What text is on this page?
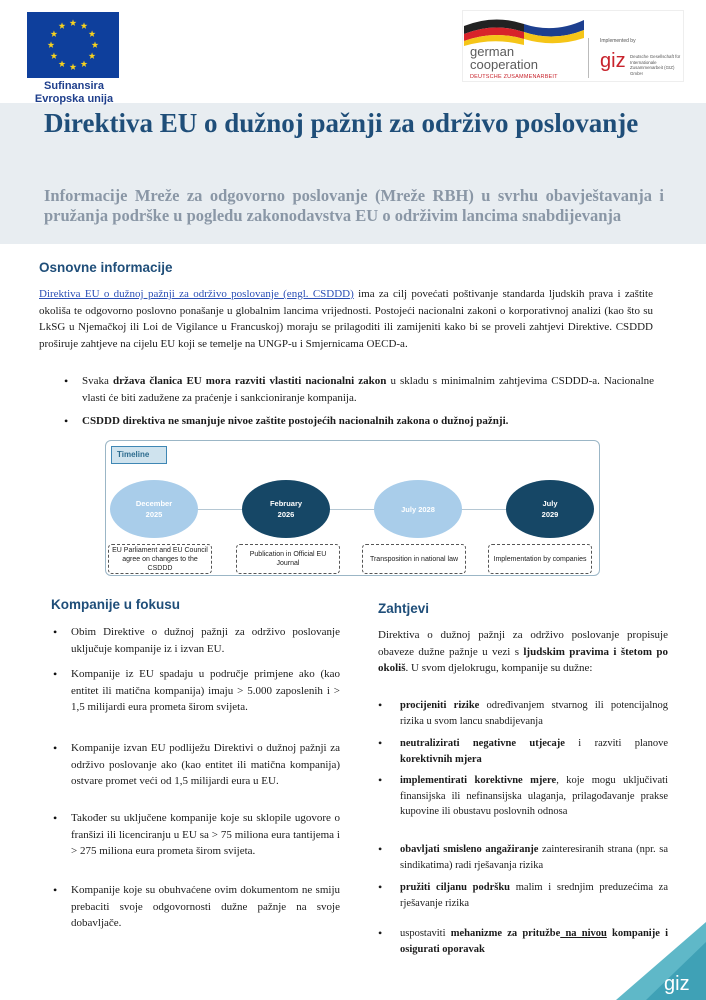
Sufinansira
Evropska unija
german
cooperation
DEUTSCHE ZUSAMMENARBEIT
Implemented by
giz Deutsche Gesellschaft für Internationale Zusammenarbeit (GIZ) GmbH
Direktiva EU o dužnoj pažnji za održivo poslovanje
Informacije Mreže za odgovorno poslovanje (Mreže RBH) u svrhu obavještavanja i pružanja podrške u pogledu zakonodavstva EU o održivim lancima snabdijevanja
Osnovne informacije

Direktiva EU o dužnoj pažnji za održivo poslovanje (engl. CSDDD) ima za cilj povećati poštivanje standarda ljudskih prava i zaštite okoliša te odgovorno poslovno ponašanje u globalnim lancima vrijednosti. Postojeći nacionalni zakoni o korporativnoj analizi (kao što su LkSG u Njemačkoj ili Loi de Vigilance u Francuskoj) moraju se prilagoditi ili zamijeniti kako bi se proveli zahtjevi Direktive. CSDDD proširuje zahtjeve na cijelu EU koji se temelje na UNGP-u i Smjernicama OECD-a.

• Svaka država članica EU mora razviti vlastiti nacionalni zakon u skladu s minimalnim zahtjevima CSDDD-a. Nacionalne vlasti će biti zadužene za praćenje i sankcioniranje kompanija.
• CSDDD direktiva ne smanjuje nivoe zaštite postojećih nacionalnih zakona o dužnoj pažnji.
Timeline
December
2025
February
2026
July 2028
July
2029
EU Parliament and EU Council agree on changes to the CSDDD
Publication in Official EU Journal
Transposition in national law	Implementation by companies
Kompanije u fokusu
• Obim Direktive o dužnoj pažnji za održivo poslovanje uključuje kompanije iz i izvan EU.
• Kompanije iz EU spadaju u područje primjene ako (kao entitet ili matična kompanija) imaju > 5.000 zaposlenih i > 1,5 milijardi eura prometa širom svijeta.
• Kompanije izvan EU podliježu Direktivi o dužnoj pažnji za održivo poslovanje ako (kao entitet ili matična kompanija) ostvare promet veći od 1,5 milijardi eura u EU.
• Također su uključene kompanije koje su sklopile ugovore o franšizi ili licenciranju u EU sa > 75 miliona eura tantijema i > 275 miliona eura prometa širom svijeta.
• Kompanije koje su obuhvaćene ovim dokumentom ne smiju prebaciti svoje odgovornosti dužne pažnje na svoje dobavljače.
Zahtjevi

Direktiva o dužnoj pažnji za održivo poslovanje propisuje obaveze dužne pažnje u vezi s ljudskim pravima i štetom po okoliš. U svom djelokrugu, kompanije su dužne:

• procijeniti rizike određivanjem stvarnog ili potencijalnog rizika u svom lancu snabdijevanja
• neutralizirati negativne utjecaje i razviti planove korektivnih mjera
• implementirati korektivne mjere, koje mogu uključivati finansijska ili nefinansijska ulaganja, prilagođavanje prakse kupovine ili obustavu poslovnih odnosa
• obavljati smisleno angažiranje zainteresiranih strana (npr. sa sindikatima) radi rješavanja rizika
• pružiti ciljanu podršku malim i srednjim preduzećima za rješavanje rizika
• uspostaviti mehanizme za pritužbe na nivou kompanije i osigurati oporavak
giz
